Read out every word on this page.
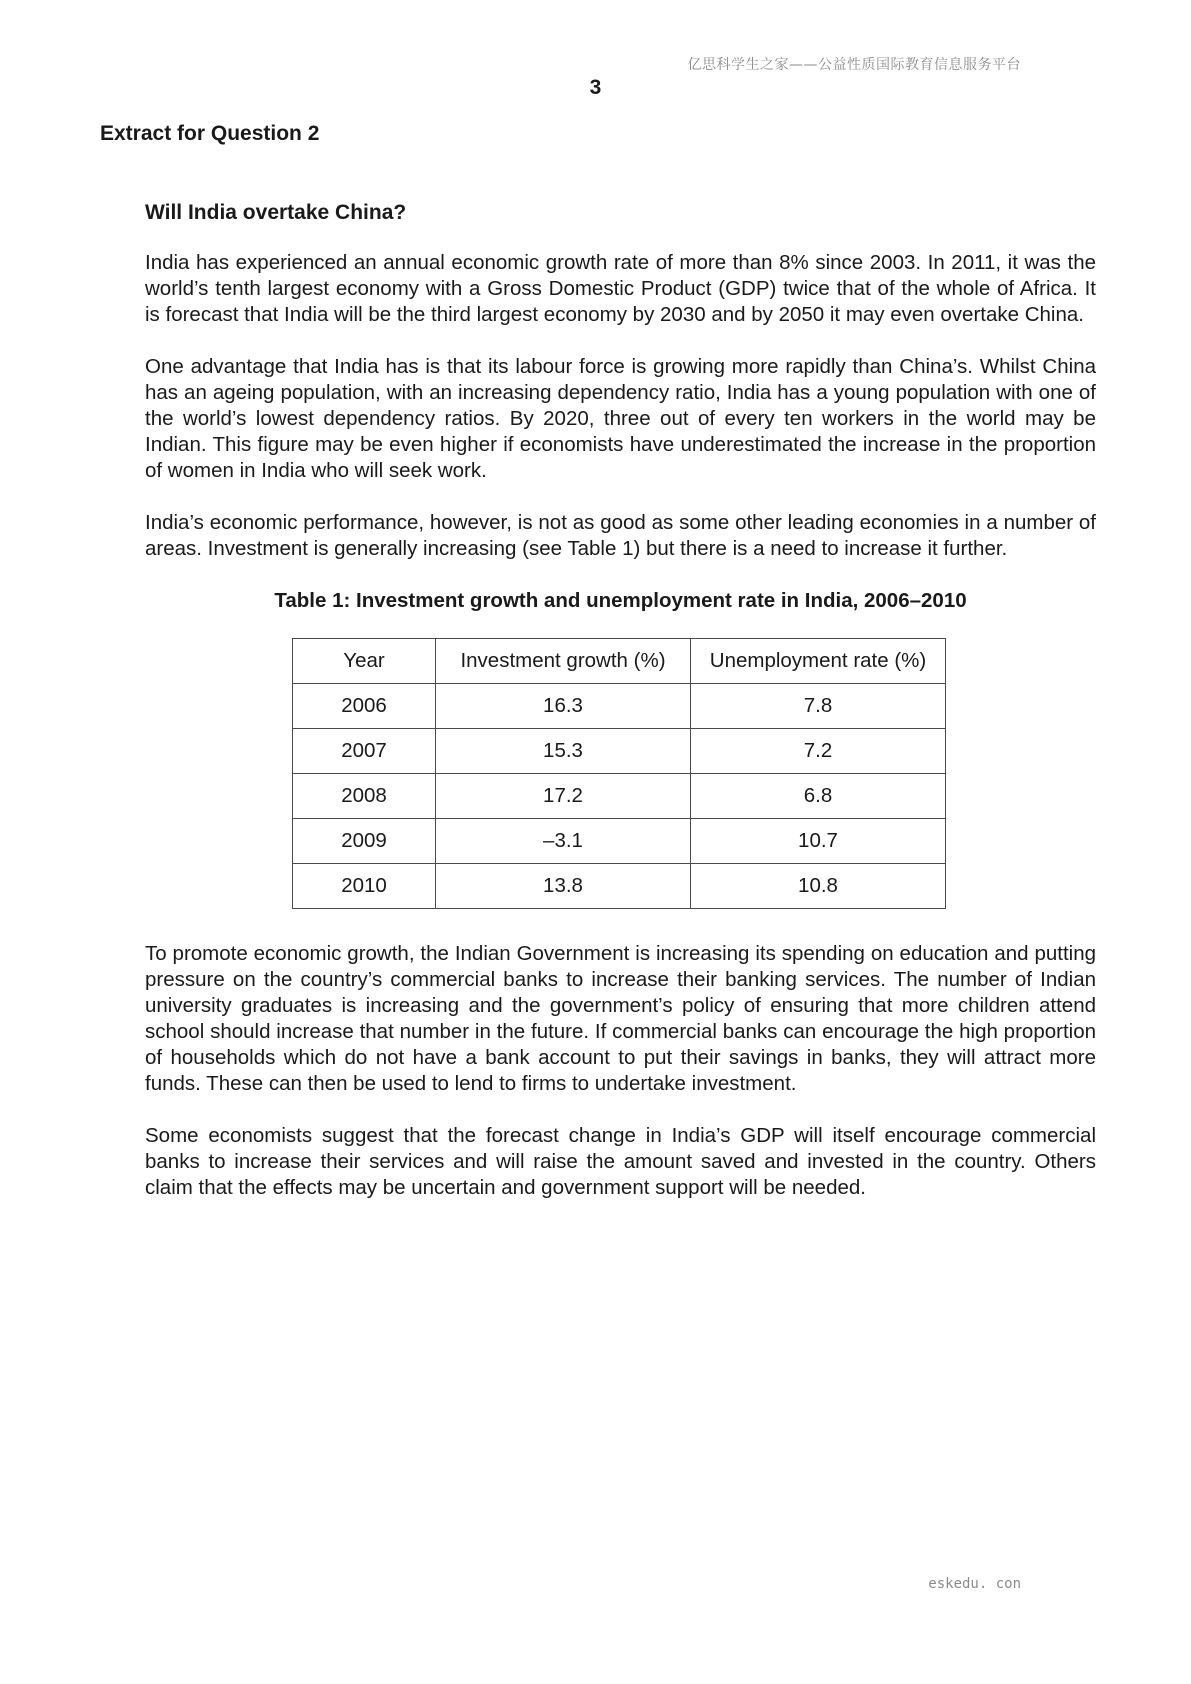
亿思科学生之家——公益性质国际教育信息服务平台
3
Extract for Question 2
Will India overtake China?

India has experienced an annual economic growth rate of more than 8% since 2003. In 2011, it was the world’s tenth largest economy with a Gross Domestic Product (GDP) twice that of the whole of Africa. It is forecast that India will be the third largest economy by 2030 and by 2050 it may even overtake China.

One advantage that India has is that its labour force is growing more rapidly than China’s. Whilst China has an ageing population, with an increasing dependency ratio, India has a young population with one of the world’s lowest dependency ratios. By 2020, three out of every ten workers in the world may be Indian. This figure may be even higher if economists have underestimated the increase in the proportion of women in India who will seek work.

India’s economic performance, however, is not as good as some other leading economies in a number of areas. Investment is generally increasing (see Table 1) but there is a need to increase it further.

Table 1: Investment growth and unemployment rate in India, 2006–2010
Year	Investment growth (%)	Unemployment rate (%)
2006	16.3	7.8
2007	15.3	7.2
2008	17.2	6.8
2009	–3.1	10.7
2010	13.8	10.8

To promote economic growth, the Indian Government is increasing its spending on education and putting pressure on the country’s commercial banks to increase their banking services. The number of Indian university graduates is increasing and the government’s policy of ensuring that more children attend school should increase that number in the future. If commercial banks can encourage the high proportion of households which do not have a bank account to put their savings in banks, they will attract more funds. These can then be used to lend to firms to undertake investment.

Some economists suggest that the forecast change in India’s GDP will itself encourage commercial banks to increase their services and will raise the amount saved and invested in the country. Others claim that the effects may be uncertain and government support will be needed.

eskedu. con
